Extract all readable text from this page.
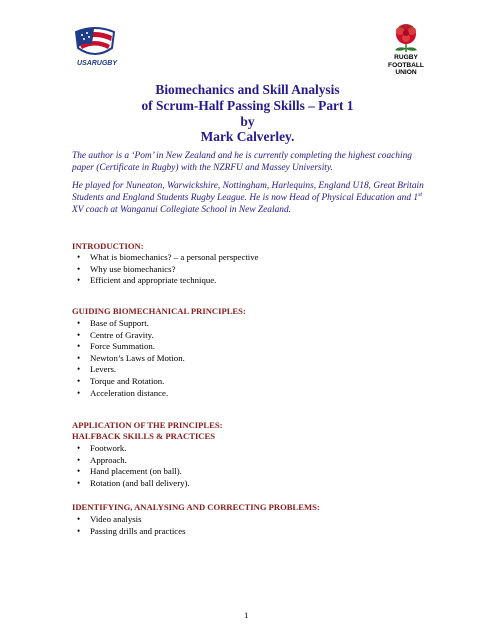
USARUGBY
RUGBY
FOOTBALL
UNION
Biomechanics and Skill Analysis
of Scrum-Half Passing Skills – Part 1
by
Mark Calverley.
The author is a ‘Pom’ in New Zealand and he is currently completing the highest coaching paper (Certificate in Rugby) with the NZRFU and Massey University.
He played for Nuneaton, Warwickshire, Nottingham, Harlequins, England U18, Great Britain Students and England Students Rugby League. He is now Head of Physical Education and 1st XV coach at Wanganui Collegiate School in New Zealand.
INTRODUCTION:
• What is biomechanics? – a personal perspective
• Why use biomechanics?
• Efficient and appropriate technique.
GUIDING BIOMECHANICAL PRINCIPLES:
• Base of Support.
• Centre of Gravity.
• Force Summation.
• Newton’s Laws of Motion.
• Levers.
• Torque and Rotation.
• Acceleration distance.
APPLICATION OF THE PRINCIPLES:
HALFBACK SKILLS & PRACTICES
• Footwork.
• Approach.
• Hand placement (on ball).
• Rotation (and ball delivery).
IDENTIFYING, ANALYSING AND CORRECTING PROBLEMS:
• Video analysis
• Passing drills and practices
1
